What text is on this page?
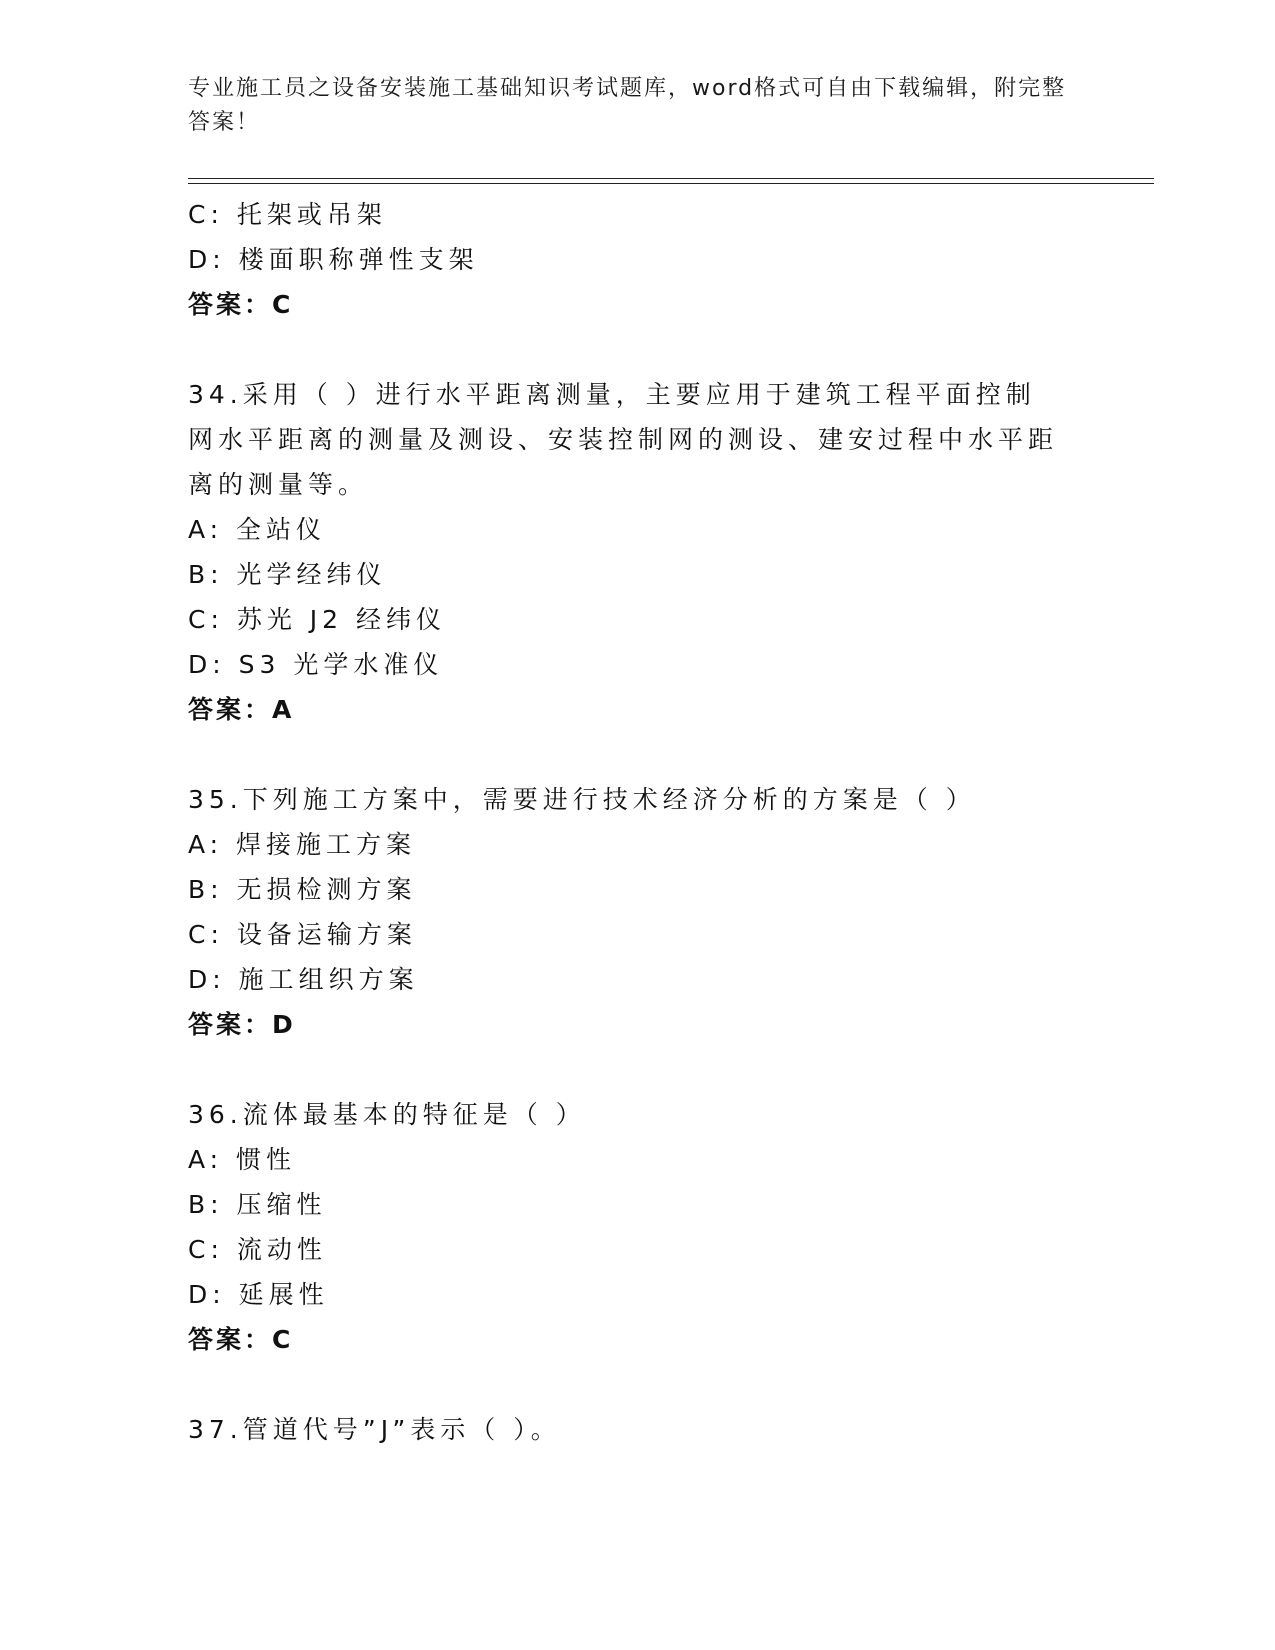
专业施工员之设备安装施工基础知识考试题库，word格式可自由下载编辑，附完整答案！
C: 托架或吊架
D: 楼面职称弹性支架
答案：C
34.采用（ ）进行水平距离测量，主要应用于建筑工程平面控制网水平距离的测量及测设、安装控制网的测设、建安过程中水平距离的测量等。
A: 全站仪
B: 光学经纬仪
C: 苏光 J2 经纬仪
D: S3 光学水准仪
答案：A
35.下列施工方案中，需要进行技术经济分析的方案是（ ）
A: 焊接施工方案
B: 无损检测方案
C: 设备运输方案
D: 施工组织方案
答案：D
36.流体最基本的特征是（ ）
A: 惯性
B: 压缩性
C: 流动性
D: 延展性
答案：C
37.管道代号”J”表示（ ）。
